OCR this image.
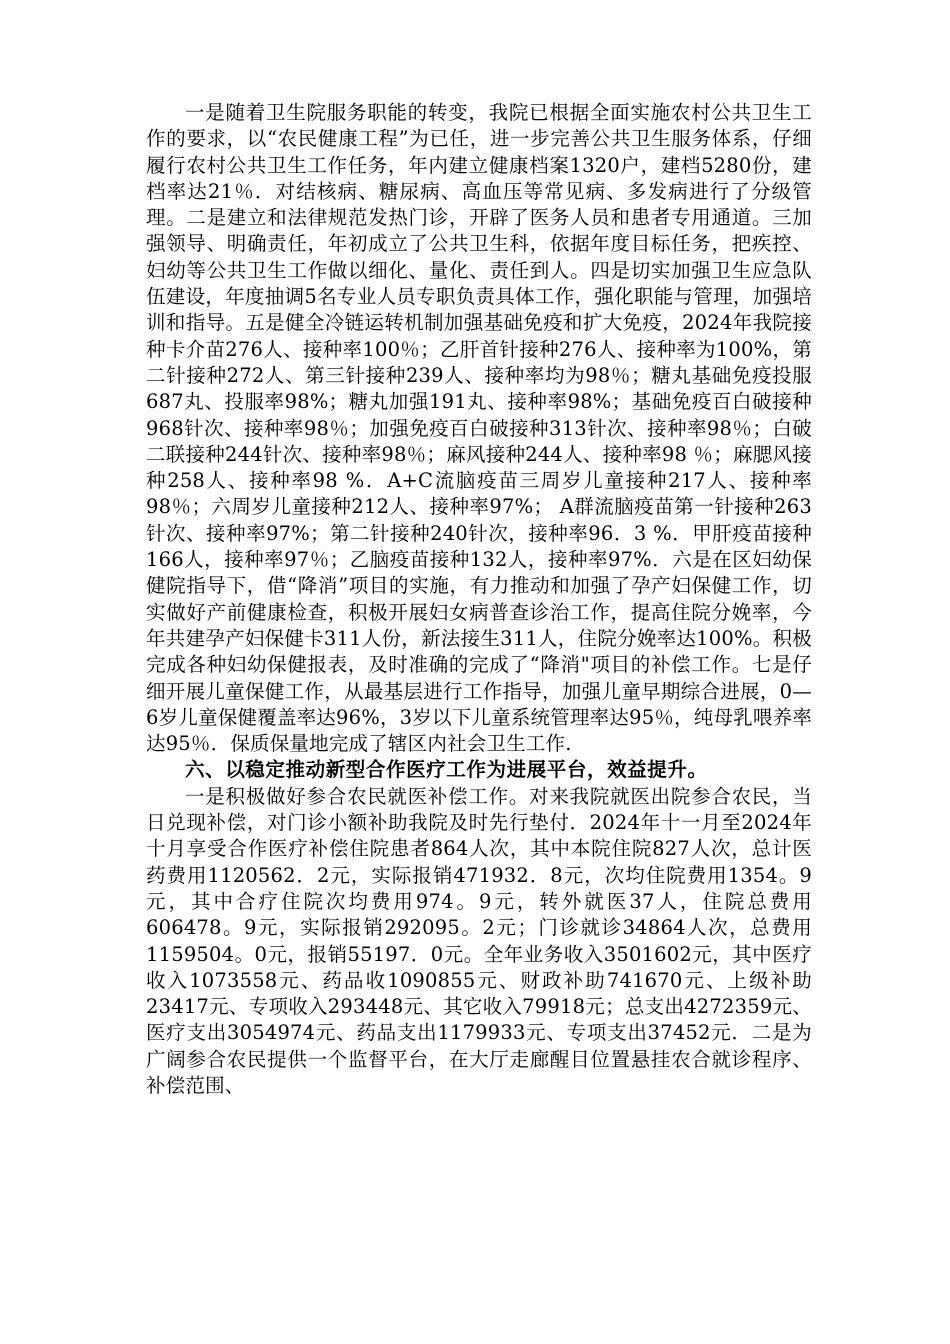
一是随着卫生院服务职能的转变，我院已根据全面实施农村公共卫生工作的要求，以“农民健康工程”为已任，进一步完善公共卫生服务体系，仔细履行农村公共卫生工作任务，年内建立健康档案1320户，建档5280份，建档率达21％．对结核病、糖尿病、高血压等常见病、多发病进行了分级管理。二是建立和法律规范发热门诊，开辟了医务人员和患者专用通道。三加强领导、明确责任，年初成立了公共卫生科，依据年度目标任务，把疾控、妇幼等公共卫生工作做以细化、量化、责任到人。四是切实加强卫生应急队伍建设，年度抽调5名专业人员专职负责具体工作，强化职能与管理，加强培训和指导。五是健全冷链运转机制加强基础免疫和扩大免疫，2024年我院接种卡介苗276人、接种率100％；乙肝首针接种276人、接种率为100%，第二针接种272人、第三针接种239人、接种率均为98％；糖丸基础免疫投服687丸、投服率98%；糖丸加强191丸、接种率98%；基础免疫百白破接种968针次、接种率98％；加强免疫百白破接种313针次、接种率98％；白破二联接种244针次、接种率98％；麻风接种244人、接种率98 ％；麻腮风接种258人、接种率98 %．A+C流脑疫苗三周岁儿童接种217人、接种率98％；六周岁儿童接种212人、接种率97%； A群流脑疫苗第一针接种263针次、接种率97%；第二针接种240针次，接种率96．3 %．甲肝疫苗接种166人，接种率97％；乙脑疫苗接种132人，接种率97%．六是在区妇幼保健院指导下，借“降消”项目的实施，有力推动和加强了孕产妇保健工作，切实做好产前健康检查，积极开展妇女病普查诊治工作，提高住院分娩率，今年共建孕产妇保健卡311人份，新法接生311人，住院分娩率达100%。积极完成各种妇幼保健报表，及时准确的完成了“降消"项目的补偿工作。七是仔细开展儿童保健工作，从最基层进行工作指导，加强儿童早期综合进展，0—6岁儿童保健覆盖率达96%，3岁以下儿童系统管理率达95％，纯母乳喂养率达95％．保质保量地完成了辖区内社会卫生工作.

六、以稳定推动新型合作医疗工作为进展平台，效益提升。

一是积极做好参合农民就医补偿工作。对来我院就医出院参合农民，当日兑现补偿，对门诊小额补助我院及时先行垫付．2024年十一月至2024年十月享受合作医疗补偿住院患者864人次，其中本院住院827人次，总计医药费用1120562．2元，实际报销471932．8元，次均住院费用1354。9元，其中合疗住院次均费用974。9元，转外就医37人，住院总费用606478。9元，实际报销292095。2元；门诊就诊34864人次，总费用1159504。0元，报销55197．0元。全年业务收入3501602元，其中医疗收入1073558元、药品收1090855元、财政补助741670元、上级补助23417元、专项收入293448元、其它收入79918元；总支出4272359元、医疗支出3054974元、药品支出1179933元、专项支出37452元．二是为广阔参合农民提供一个监督平台，在大厅走廊醒目位置悬挂农合就诊程序、补偿范围、
